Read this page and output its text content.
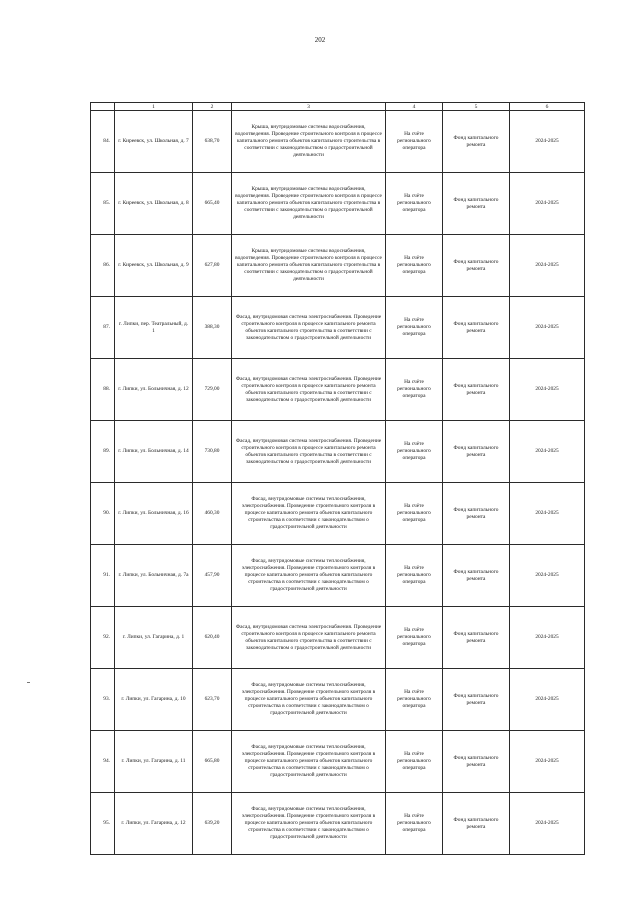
202
	1	2	3	4	5	6
84.	г. Киреевск, ул. Школьная, д. 7	638,70	Крыша, внутридомовые системы водоснабжения, водоотведения. Проведение строительного контроля в процессе капитального ремонта объектов капитального строительства в соответствии с законодательством о градостроительной деятельности	На счёте регионального оператора	Фонд капитального ремонта	2024-2025
85.	г. Киреевск, ул. Школьная, д. 8	665,40	Крыша, внутридомовые системы водоснабжения, водоотведения. Проведение строительного контроля в процессе капитального ремонта объектов капитального строительства в соответствии с законодательством о градостроительной деятельности	На счёте регионального оператора	Фонд капитального ремонта	2024-2025
86.	г. Киреевск, ул. Школьная, д. 9	627,80	Крыша, внутридомовые системы водоснабжения, водоотведения. Проведение строительного контроля в процессе капитального ремонта объектов капитального строительства в соответствии с законодательством о градостроительной деятельности	На счёте регионального оператора	Фонд капитального ремонта	2024-2025
87.	г. Липки, пер. Театральный, д. 1	388,30	Фасад, внутридомовая система электроснабжения. Проведение строительного контроля в процессе капитального ремонта объектов капитального строительства в соответствии с законодательством о градостроительной деятельности	На счёте регионального оператора	Фонд капитального ремонта	2024-2025
88.	г. Липки, ул. Больничная, д. 12	729,00	Фасад, внутридомовая система электроснабжения. Проведение строительного контроля в процессе капитального ремонта объектов капитального строительства в соответствии с законодательством о градостроительной деятельности	На счёте регионального оператора	Фонд капитального ремонта	2024-2025
89.	г. Липки, ул. Больничная, д. 14	730,80	Фасад, внутридомовая система электроснабжения. Проведение строительного контроля в процессе капитального ремонта объектов капитального строительства в соответствии с законодательством о градостроительной деятельности	На счёте регионального оператора	Фонд капитального ремонта	2024-2025
90.	г. Липки, ул. Больничная, д. 16	460,30	Фасад, внутридомовые системы теплоснабжения, электроснабжения. Проведение строительного контроля в процессе капитального ремонта объектов капитального строительства в соответствии с законодательством о градостроительной деятельности	На счёте регионального оператора	Фонд капитального ремонта	2024-2025
91.	г. Липки, ул. Больничная, д. 7а	457,90	Фасад, внутридомовые системы теплоснабжения, электроснабжения. Проведение строительного контроля в процессе капитального ремонта объектов капитального строительства в соответствии с законодательством о градостроительной деятельности	На счёте регионального оператора	Фонд капитального ремонта	2024-2025
92.	г. Липки, ул. Гагарина, д. 1	620,40	Фасад, внутридомовая система электроснабжения. Проведение строительного контроля в процессе капитального ремонта объектов капитального строительства в соответствии с законодательством о градостроительной деятельности	На счёте регионального оператора	Фонд капитального ремонта	2024-2025
93.	г. Липки, ул. Гагарина, д. 10	623,70	Фасад, внутридомовые системы теплоснабжения, электроснабжения. Проведение строительного контроля в процессе капитального ремонта объектов капитального строительства в соответствии с законодательством о градостроительной деятельности	На счёте регионального оператора	Фонд капитального ремонта	2024-2025
94.	г. Липки, ул. Гагарина, д. 11	665,80	Фасад, внутридомовые системы теплоснабжения, электроснабжения. Проведение строительного контроля в процессе капитального ремонта объектов капитального строительства в соответствии с законодательством о градостроительной деятельности	На счёте регионального оператора	Фонд капитального ремонта	2024-2025
95.	г. Липки, ул. Гагарина, д. 12	639,20	Фасад, внутридомовые системы теплоснабжения, электроснабжения. Проведение строительного контроля в процессе капитального ремонта объектов капитального строительства в соответствии с законодательством о градостроительной деятельности	На счёте регионального оператора	Фонд капитального ремонта	2024-2025
